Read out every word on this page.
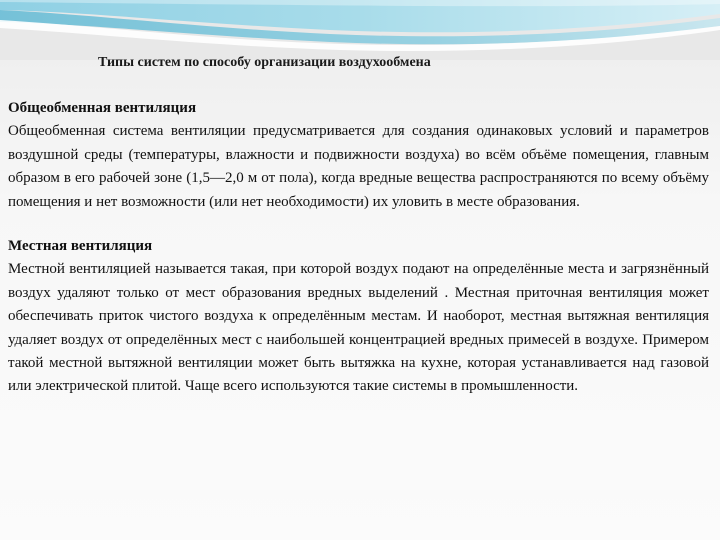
Типы систем по способу организации воздухообмена
Общеобменная вентиляция

Общеобменная система вентиляции предусматривается для создания одинаковых условий и параметров воздушной среды (температуры, влажности и подвижности воздуха) во всём объёме помещения, главным образом в его рабочей зоне (1,5—2,0 м от пола), когда вредные вещества распространяются по всему объёму помещения и нет возможности (или нет необходимости) их уловить в месте образования.

Местная вентиляция

Местной вентиляцией называется такая, при которой воздух подают на определённые места и загрязнённый воздух удаляют только от мест образования вредных выделений . Местная приточная вентиляция может обеспечивать приток чистого воздуха к определённым местам. И наоборот, местная вытяжная вентиляция удаляет воздух от определённых мест с наибольшей концентрацией вредных примесей в воздухе. Примером такой местной вытяжной вентиляции может быть вытяжка на кухне, которая устанавливается над газовой или электрической плитой. Чаще всего используются такие системы в промышленности.
